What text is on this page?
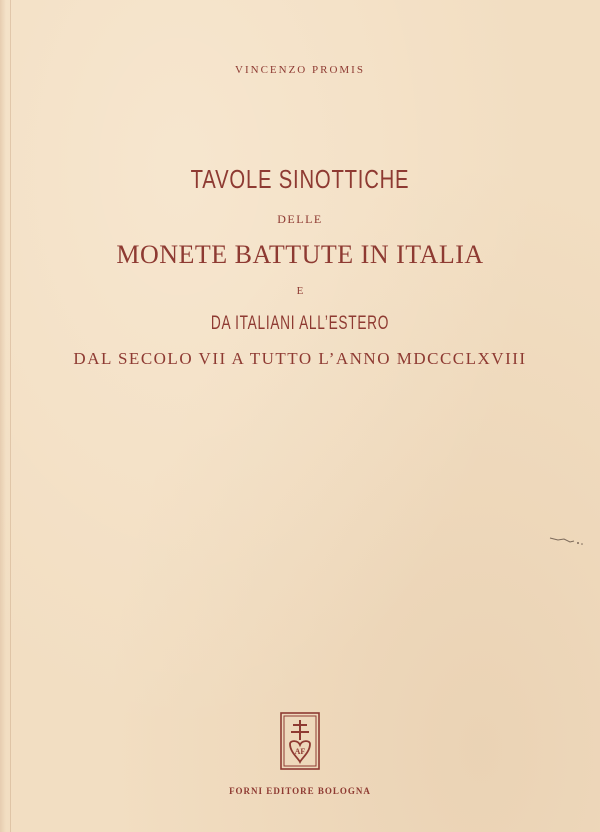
VINCENZO PROMIS
TAVOLE SINOTTICHE
DELLE
MONETE BATTUTE IN ITALIA
E
DA ITALIANI ALL’ESTERO
DAL SECOLO VII A TUTTO L’ANNO MDCCCLXVIII
AF
FORNI EDITORE BOLOGNA
